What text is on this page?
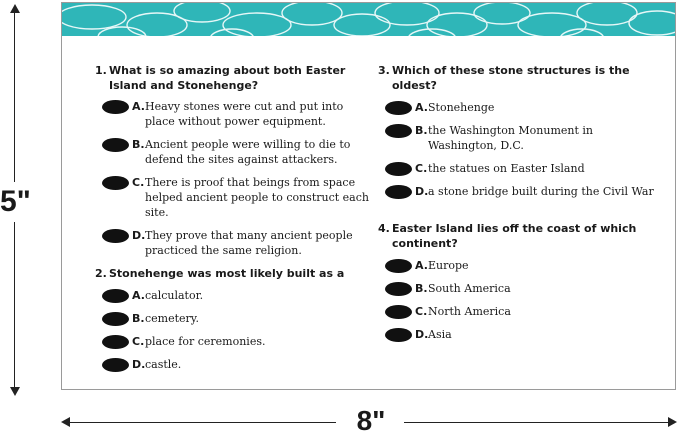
5"
8"
1. What is so amazing about both Easter Island and Stonehenge?
A. Heavy stones were cut and put into place without power equipment.
B. Ancient people were willing to die to defend the sites against attackers.
C. There is proof that beings from space helped ancient people to construct each site.
D. They prove that many ancient people practiced the same religion.
2. Stonehenge was most likely built as a
A. calculator.
B. cemetery.
C. place for ceremonies.
D. castle.
3. Which of these stone structures is the oldest?
A. Stonehenge
B. the Washington Monument in Washington, D.C.
C. the statues on Easter Island
D. a stone bridge built during the Civil War
4. Easter Island lies off the coast of which continent?
A. Europe
B. South America
C. North America
D. Asia
